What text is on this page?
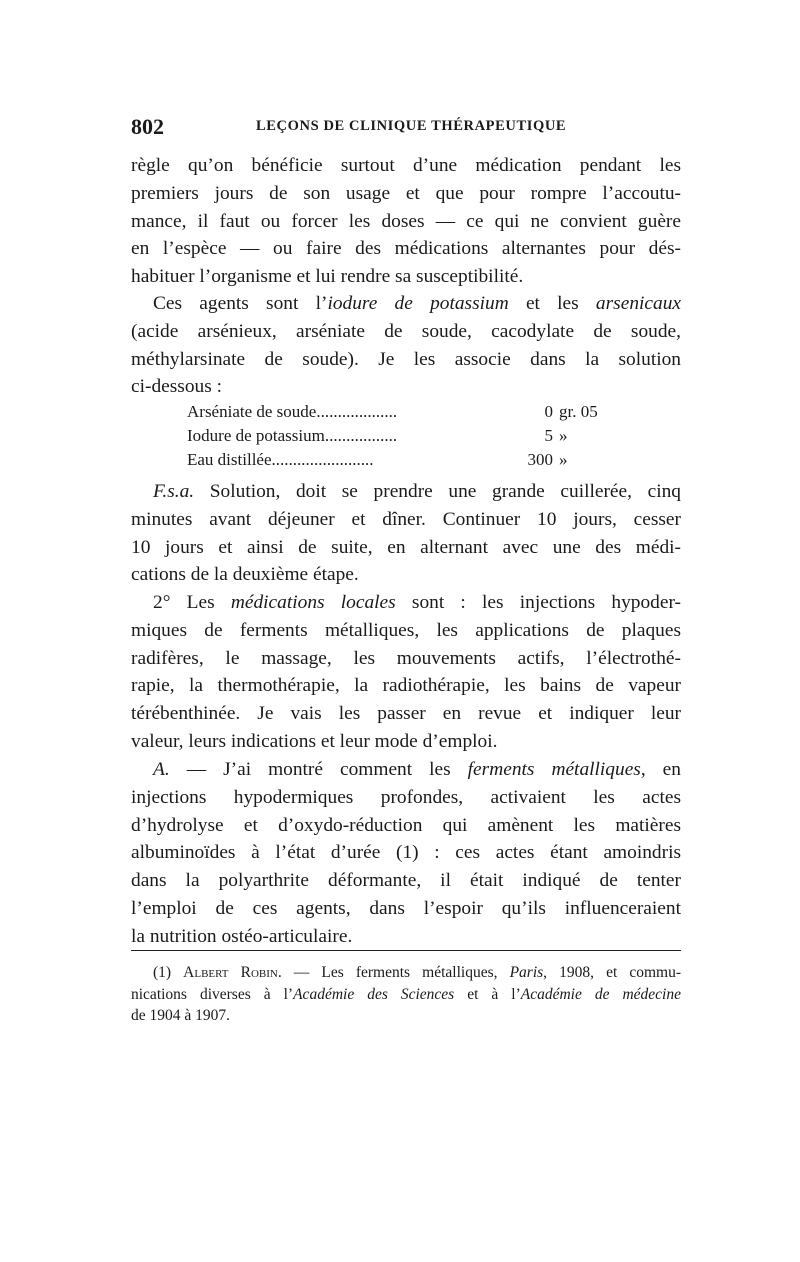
802	LEÇONS DE CLINIQUE THÉRAPEUTIQUE

règle qu’on bénéficie surtout d’une médication pendant les
premiers jours de son usage et que pour rompre l’accoutu-
mance, il faut ou forcer les doses — ce qui ne convient guère
en l’espèce — ou faire des médications alternantes pour dés-
habituer l’organisme et lui rendre sa susceptibilité.

Ces agents sont l’iodure de potassium et les arsenicaux
(acide arsénieux, arséniate de soude, cacodylate de soude,
méthylarsinate de soude). Je les associe dans la solution
ci-dessous :

Arséniate de soude...................	0 gr. 05
Iodure de potassium.................	5 »
Eau distillée........................	300 »

F.s.a. Solution, doit se prendre une grande cuillerée, cinq
minutes avant déjeuner et dîner. Continuer 10 jours, cesser
10 jours et ainsi de suite, en alternant avec une des médi-
cations de la deuxième étape.

2° Les médications locales sont : les injections hypoder-
miques de ferments métalliques, les applications de plaques
radifères, le massage, les mouvements actifs, l’électrothé-
rapie, la thermothérapie, la radiothérapie, les bains de vapeur
térébenthinée. Je vais les passer en revue et indiquer leur
valeur, leurs indications et leur mode d’emploi.

A. — J’ai montré comment les ferments métalliques, en
injections hypodermiques profondes, activaient les actes
d’hydrolyse et d’oxydo-réduction qui amènent les matières
albuminoïdes à l’état d’urée (1) : ces actes étant amoindris
dans la polyarthrite déformante, il était indiqué de tenter
l’emploi de ces agents, dans l’espoir qu’ils influenceraient
la nutrition ostéo-articulaire.

(1) Albert Robin. — Les ferments métalliques, Paris, 1908, et commu-
nications diverses à l’Académie des Sciences et à l’Académie de médecine
de 1904 à 1907.
